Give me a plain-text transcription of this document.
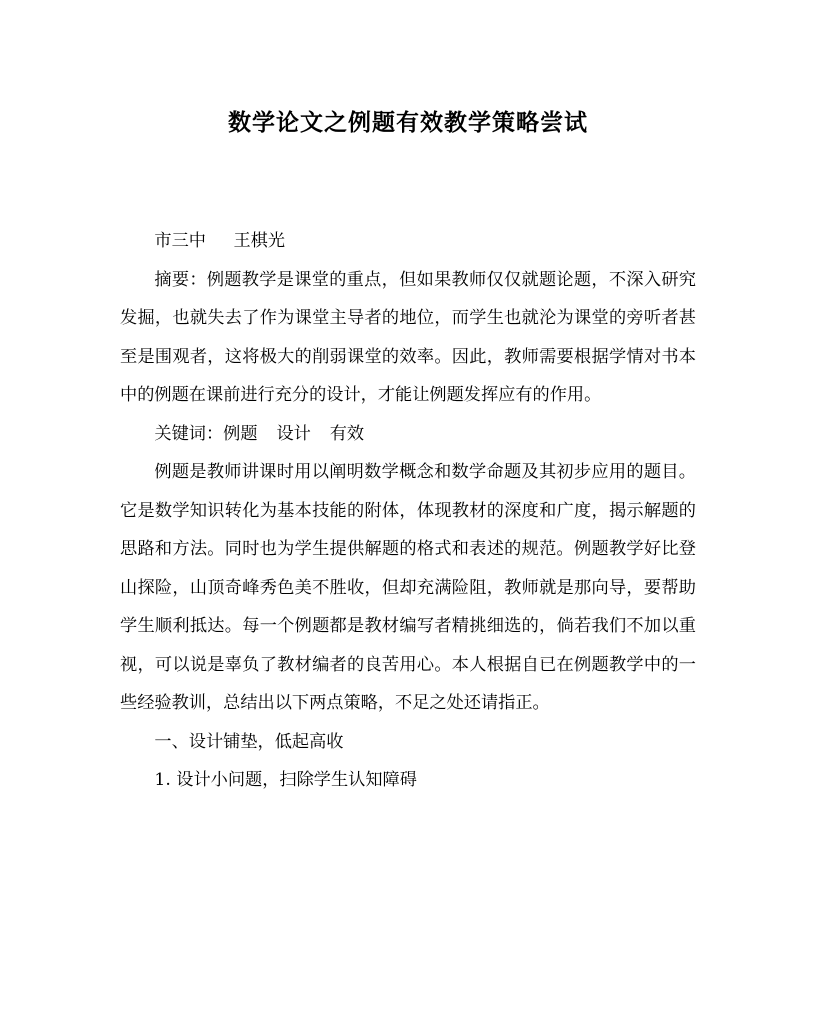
数学论文之例题有效教学策略尝试

市三中 王棋光

摘要：例题教学是课堂的重点，但如果教师仅仅就题论题，不深入研究发掘，也就失去了作为课堂主导者的地位，而学生也就沦为课堂的旁听者甚至是围观者，这将极大的削弱课堂的效率。因此，教师需要根据学情对书本中的例题在课前进行充分的设计，才能让例题发挥应有的作用。

关键词：例题 设计 有效

例题是教师讲课时用以阐明数学概念和数学命题及其初步应用的题目。它是数学知识转化为基本技能的附体，体现教材的深度和广度，揭示解题的思路和方法。同时也为学生提供解题的格式和表述的规范。例题教学好比登山探险，山顶奇峰秀色美不胜收，但却充满险阻，教师就是那向导，要帮助学生顺利抵达。每一个例题都是教材编写者精挑细选的，倘若我们不加以重视，可以说是辜负了教材编者的良苦用心。本人根据自已在例题教学中的一些经验教训，总结出以下两点策略，不足之处还请指正。

一、设计铺垫，低起高收

1. 设计小问题，扫除学生认知障碍
